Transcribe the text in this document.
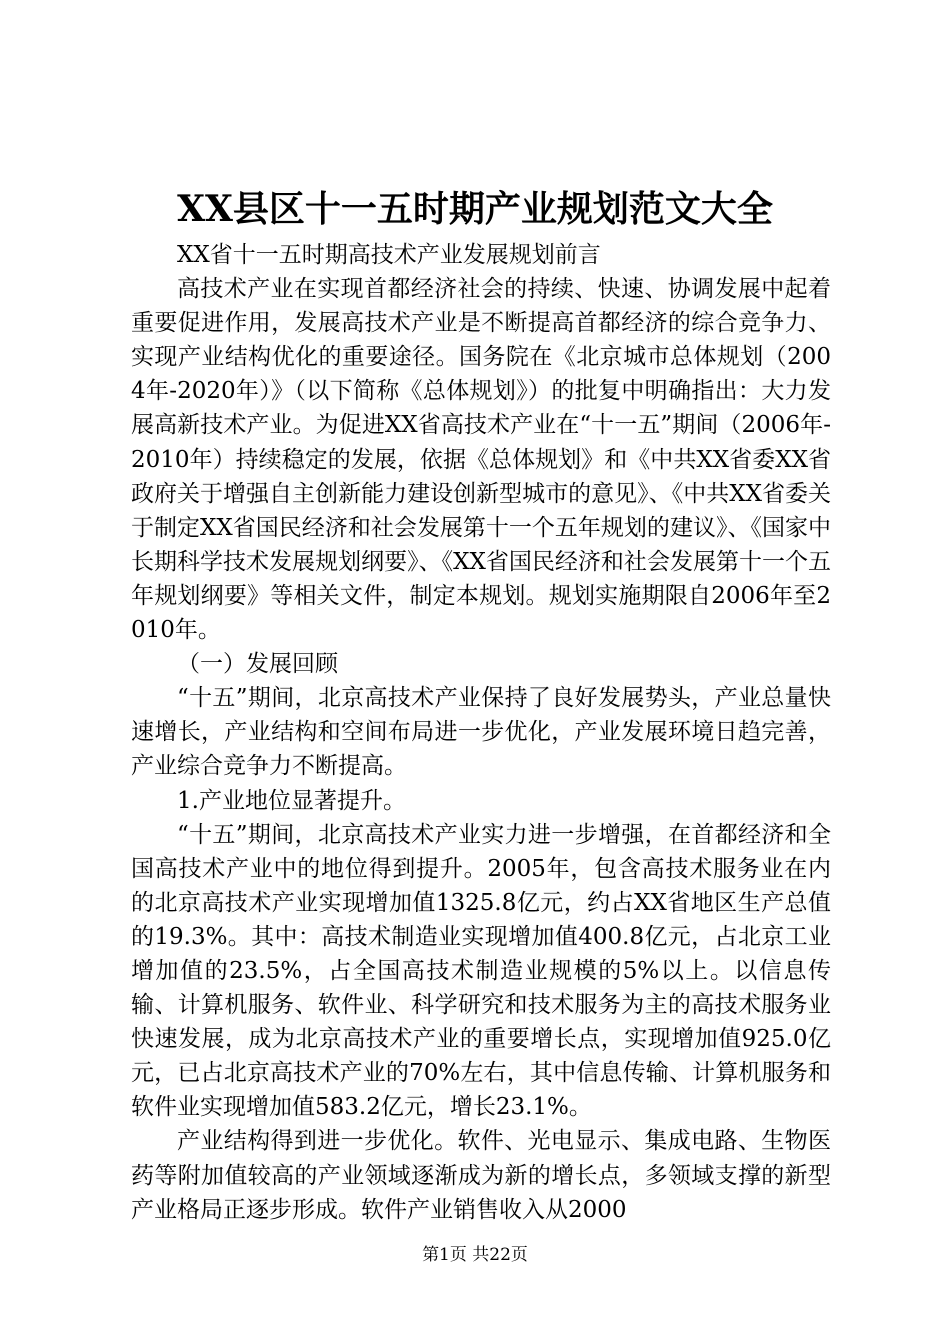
XX县区十一五时期产业规划范文大全

XX省十一五时期高技术产业发展规划前言

高技术产业在实现首都经济社会的持续、快速、协调发展中起着重要促进作用，发展高技术产业是不断提高首都经济的综合竞争力、实现产业结构优化的重要途径。国务院在《北京城市总体规划（2004年-2020年）》（以下简称《总体规划》）的批复中明确指出：大力发展高新技术产业。为促进XX省高技术产业在“十一五”期间（2006年-2010年）持续稳定的发展，依据《总体规划》和《中共XX省委XX省政府关于增强自主创新能力建设创新型城市的意见》、《中共XX省委关于制定XX省国民经济和社会发展第十一个五年规划的建议》、《国家中长期科学技术发展规划纲要》、《XX省国民经济和社会发展第十一个五年规划纲要》等相关文件，制定本规划。规划实施期限自2006年至2010年。

（一）发展回顾

“十五”期间，北京高技术产业保持了良好发展势头，产业总量快速增长，产业结构和空间布局进一步优化，产业发展环境日趋完善，产业综合竞争力不断提高。

1.产业地位显著提升。

“十五”期间，北京高技术产业实力进一步增强，在首都经济和全国高技术产业中的地位得到提升。2005年，包含高技术服务业在内的北京高技术产业实现增加值1325.8亿元，约占XX省地区生产总值的19.3%。其中：高技术制造业实现增加值400.8亿元，占北京工业增加值的23.5%，占全国高技术制造业规模的5%以上。以信息传输、计算机服务、软件业、科学研究和技术服务为主的高技术服务业快速发展，成为北京高技术产业的重要增长点，实现增加值925.0亿元，已占北京高技术产业的70%左右，其中信息传输、计算机服务和软件业实现增加值583.2亿元，增长23.1%。

产业结构得到进一步优化。软件、光电显示、集成电路、生物医药等附加值较高的产业领域逐渐成为新的增长点，多领域支撑的新型产业格局正逐步形成。软件产业销售收入从2000

第1页 共22页
